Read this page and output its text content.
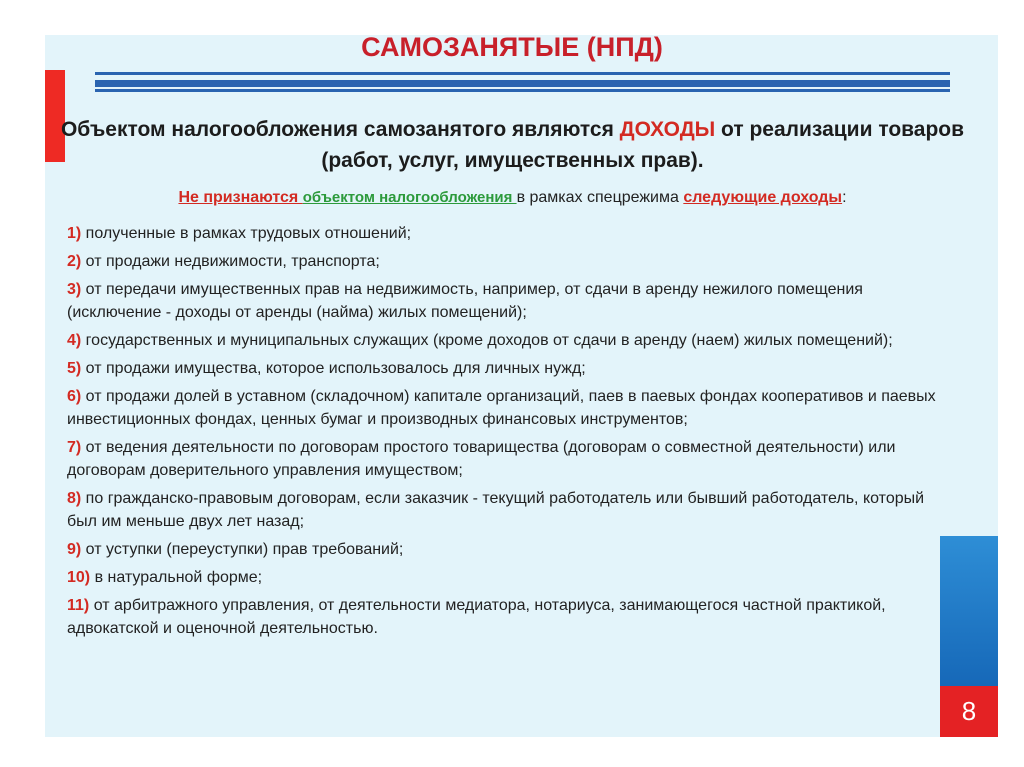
САМОЗАНЯТЫЕ (НПД)
Объектом налогообложения самозанятого являются ДОХОДЫ от реализации товаров (работ, услуг, имущественных прав).
Не признаются объектом налогообложения в рамках спецрежима следующие доходы:
1) полученные в рамках трудовых отношений;
2) от продажи недвижимости, транспорта;
3) от передачи имущественных прав на недвижимость, например, от сдачи в аренду нежилого помещения (исключение - доходы от аренды (найма) жилых помещений);
4) государственных и муниципальных служащих (кроме доходов от сдачи в аренду (наем) жилых помещений);
5) от продажи имущества, которое использовалось для личных нужд;
6) от продажи долей в уставном (складочном) капитале организаций, паев в паевых фондах кооперативов и паевых инвестиционных фондах, ценных бумаг и производных финансовых инструментов;
7) от ведения деятельности по договорам простого товарищества (договорам о совместной деятельности) или договорам доверительного управления имуществом;
8) по гражданско-правовым договорам, если заказчик - текущий работодатель или бывший работодатель, который был им меньше двух лет назад;
9) от уступки (переуступки) прав требований;
10) в натуральной форме;
11) от арбитражного управления, от деятельности медиатора, нотариуса, занимающегося частной практикой, адвокатской и оценочной деятельностью.
8
